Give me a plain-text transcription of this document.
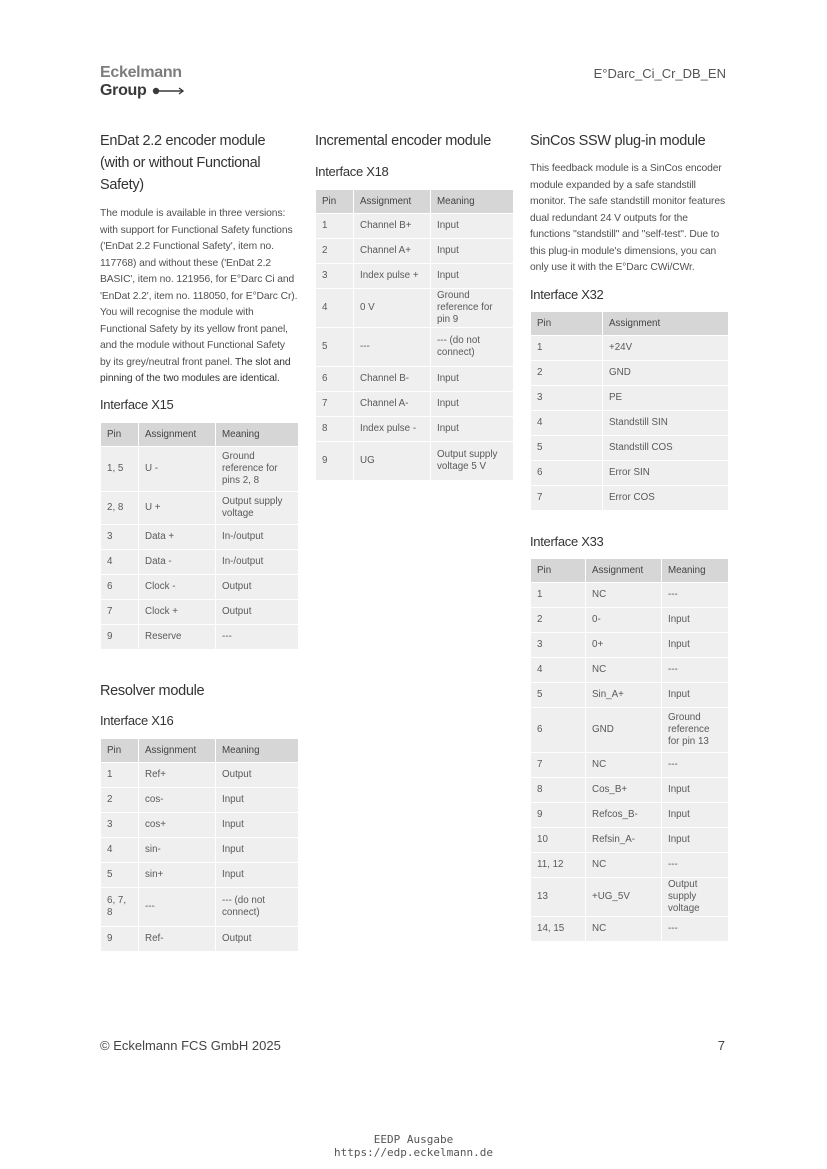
Eckelmann
Group
E°Darc_Ci_Cr_DB_EN
EnDat 2.2 encoder module (with or without Functional Safety)

The module is available in three versions: with support for Functional Safety functions ('EnDat 2.2 Functional Safety', item no. 117768) and without these ('EnDat 2.2 BASIC', item no. 121956, for E°Darc Ci and 'EnDat 2.2', item no. 118050, for E°Darc Cr). You will recognise the module with Functional Safety by its yellow front panel, and the module without Functional Safety by its grey/neutral front panel. The slot and pinning of the two modules are identical.

Interface X15
Pin	Assignment	Meaning
1, 5	U -	Ground reference for pins 2, 8
2, 8	U +	Output supply voltage
3	Data +	In-/output
4	Data -	In-/output
6	Clock -	Output
7	Clock +	Output
9	Reserve	---
Resolver module
Interface X16
Pin	Assignment	Meaning
1	Ref+	Output
2	cos-	Input
3	cos+	Input
4	sin-	Input
5	sin+	Input
6, 7, 8	---	--- (do not connect)
9	Ref-	Output
Incremental encoder module
Interface X18
Pin	Assignment	Meaning
1	Channel B+	Input
2	Channel A+	Input
3	Index pulse +	Input
4	0 V	Ground reference for pin 9
5	---	--- (do not connect)
6	Channel B-	Input
7	Channel A-	Input
8	Index pulse -	Input
9	UG	Output supply voltage 5 V
SinCos SSW plug-in module

This feedback module is a SinCos encoder module expanded by a safe standstill monitor. The safe standstill monitor features dual redundant 24 V outputs for the functions "standstill" and "self-test". Due to this plug-in module's dimensions, you can only use it with the E°Darc CWi/CWr.

Interface X32
Pin	Assignment
1	+24V
2	GND
3	PE
4	Standstill SIN
5	Standstill COS
6	Error SIN
7	Error COS
Interface X33
Pin	Assignment	Meaning
1	NC	---
2	0-	Input
3	0+	Input
4	NC	---
5	Sin_A+	Input
6	GND	Ground reference for pin 13
7	NC	---
8	Cos_B+	Input
9	Refcos_B-	Input
10	Refsin_A-	Input
11, 12	NC	---
13	+UG_5V	Output supply voltage
14, 15	NC	---
© Eckelmann FCS GmbH 2025	7
EEDP Ausgabe
https://edp.eckelmann.de
